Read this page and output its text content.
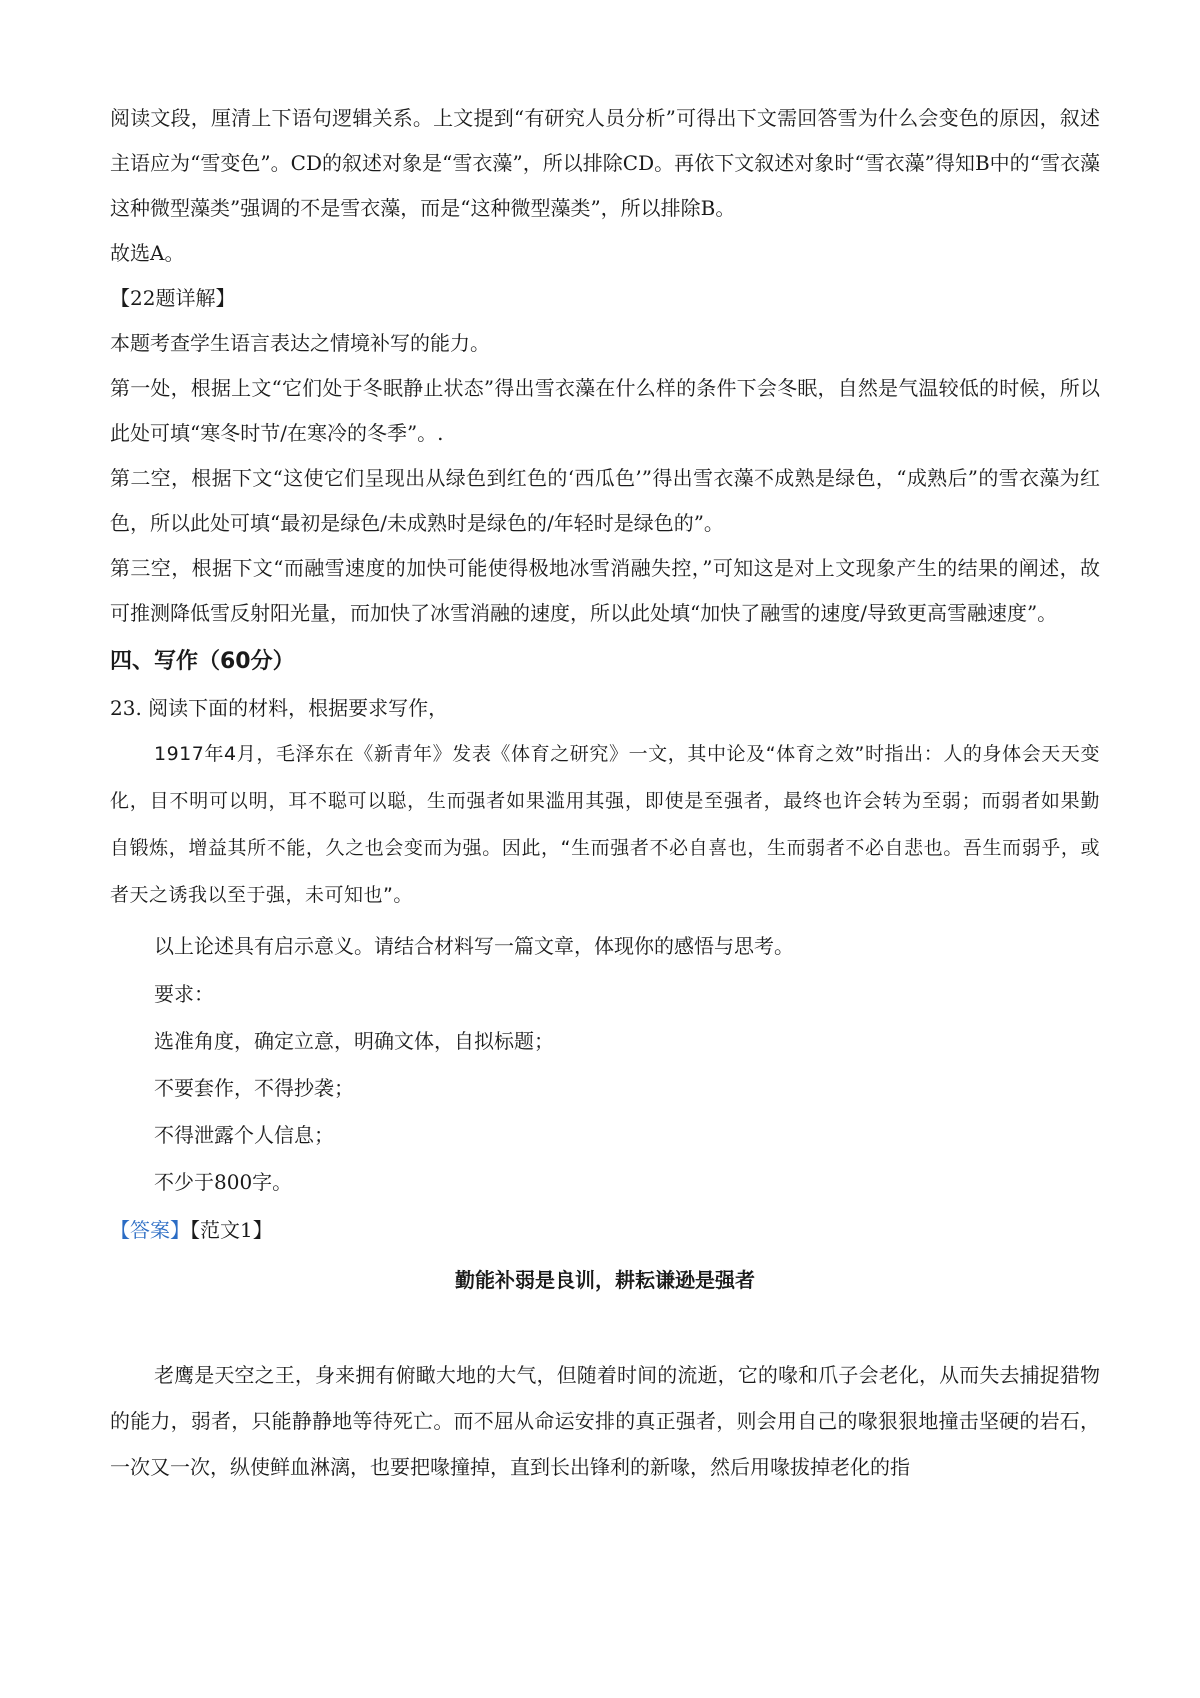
阅读文段，厘清上下语句逻辑关系。上文提到“有研究人员分析”可得出下文需回答雪为什么会变色的原因，叙述主语应为“雪变色”。CD的叙述对象是“雪衣藻”，所以排除CD。再依下文叙述对象时“雪衣藻”得知B中的“雪衣藻这种微型藻类”强调的不是雪衣藻，而是“这种微型藻类”，所以排除B。

故选A。

【22题详解】

本题考查学生语言表达之情境补写的能力。

第一处，根据上文“它们处于冬眠静止状态”得出雪衣藻在什么样的条件下会冬眠，自然是气温较低的时候，所以此处可填“寒冬时节/在寒冷的冬季”。.

第二空，根据下文“这使它们呈现出从绿色到红色的‘西瓜色’”得出雪衣藻不成熟是绿色，“成熟后”的雪衣藻为红色，所以此处可填“最初是绿色/未成熟时是绿色的/年轻时是绿色的”。

第三空，根据下文“而融雪速度的加快可能使得极地冰雪消融失控，”可知这是对上文现象产生的结果的阐述，故可推测降低雪反射阳光量，而加快了冰雪消融的速度，所以此处填“加快了融雪的速度/导致更高雪融速度”。

四、写作（60分）

23. 阅读下面的材料，根据要求写作，

1917年4月，毛泽东在《新青年》发表《体育之研究》一文，其中论及“体育之效”时指出：人的身体会天天变化，目不明可以明，耳不聪可以聪，生而强者如果滥用其强，即使是至强者，最终也许会转为至弱；而弱者如果勤自锻炼，增益其所不能，久之也会变而为强。因此，“生而强者不必自喜也，生而弱者不必自悲也。吾生而弱乎，或者天之诱我以至于强，未可知也”。

以上论述具有启示意义。请结合材料写一篇文章，体现你的感悟与思考。

要求：

选准角度，确定立意，明确文体，自拟标题；

不要套作，不得抄袭；

不得泄露个人信息；

不少于800字。

【答案】【范文1】

勤能补弱是良训，耕耘谦逊是强者

老鹰是天空之王，身来拥有俯瞰大地的大气，但随着时间的流逝，它的喙和爪子会老化，从而失去捕捉猎物的能力，弱者，只能静静地等待死亡。而不屈从命运安排的真正强者，则会用自己的喙狠狠地撞击坚硬的岩石，一次又一次，纵使鲜血淋漓，也要把喙撞掉，直到长出锋利的新喙，然后用喙拔掉老化的指
